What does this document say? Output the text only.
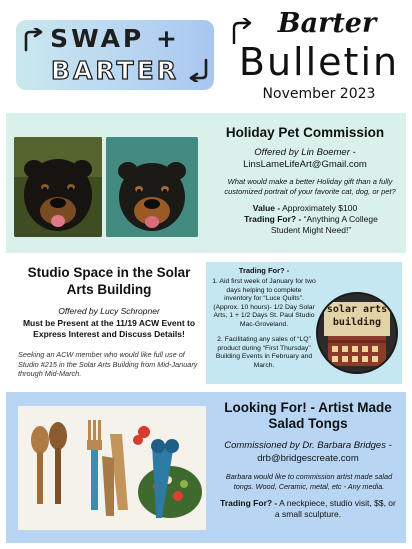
SWAP +
BARTER
Barter
Bulletin
November 2023
Holiday Pet Commission
Offered by Lin Boemer -
LinsLameLifeArt@Gmail.com
What would make a better Holiday gift than a fully customized portrait of your favorite cat, dog, or pet?
Value - Approximately $100
Trading For? - “Anything A College Student Might Need!”
Studio Space in the Solar Arts Building
Offered by Lucy Schropner
Must be Present at the 11/19 ACW Event to Express Interest and Discuss Details!
Seeking an ACW member who would like full use of Studio #215 in the Solar Arts Building from Mid-January through Mid-March.
Trading For? -
1. Aid first week of January for two days helping to complete inventory for “Luce Quilts”. (Approx. 10 hours)- 1/2 Day Solar Arts, 1 + 1/2 Days St. Paul Studio Mac-Groveland.
2. Facilitating any sales of “LQ” product during “First Thursday” Building Events in February and March.
solar arts
building
Looking For! - Artist Made Salad Tongs
Commissioned by Dr. Barbara Bridges -
drb@bridgescreate.com
Barbara would like to commission artist made salad tongs. Wood, Ceramic, metal, etc - Any media.
Trading For? - A neckpiece, studio visit, $$, or a small sculpture.
